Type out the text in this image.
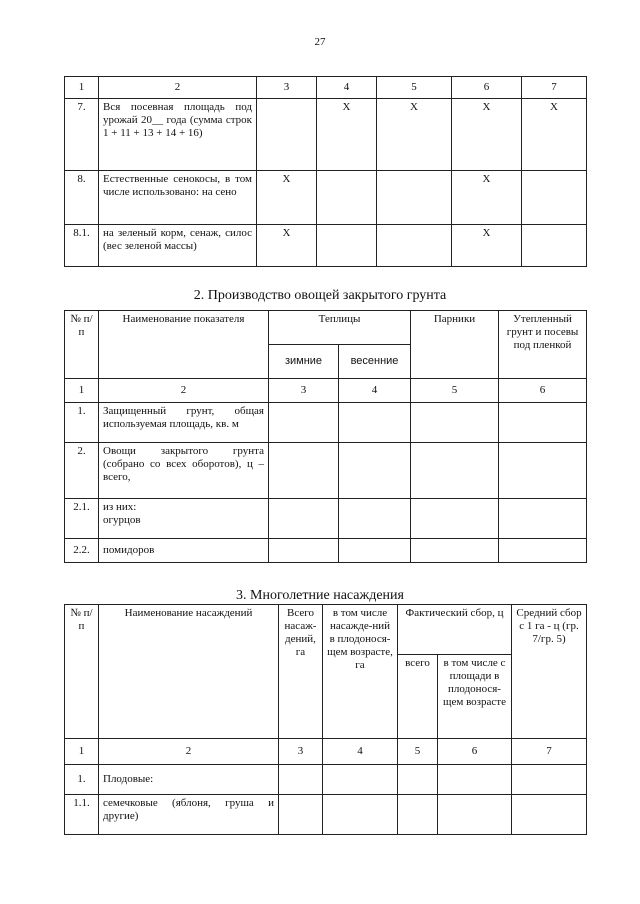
27
1	2	3	4	5	6	7
7.	Вся посевная площадь под урожай 20__ года (сумма строк 1 + 11 + 13 + 14 + 16)		X	X	X	X
8.	Естественные сенокосы, в том числе использовано: на сено	X			X	
8.1.	на зеленый корм, сенаж, силос (вес зеленой массы)	X			X	
2. Производство овощей закрытого грунта
№ п/п	Наименование показателя	Теплицы		Парники	Утепленный грунт и посевы под пленкой
		зимние	весенние		
1	2	3	4	5	6
1.	Защищенный грунт, общая используемая площадь, кв. м				
2.	Овощи закрытого грунта (собрано со всех оборотов), ц – всего,				
2.1.	из них:
огурцов				
2.2.	помидоров				
3. Многолетние насаждения
№ п/п	Наименование насаждений	Всего насаж-дений, га	в том числе насажде-ний в плодонося-щем возрасте, га	Фактический сбор, ц		Средний сбор с 1 га - ц (гр. 7/гр. 5)
				всего	в том числе с площади в плодонося-щем возрасте	
1	2	3	4	5	6	7
1.	Плодовые:					
1.1.	семечковые (яблоня, груша и другие)					
